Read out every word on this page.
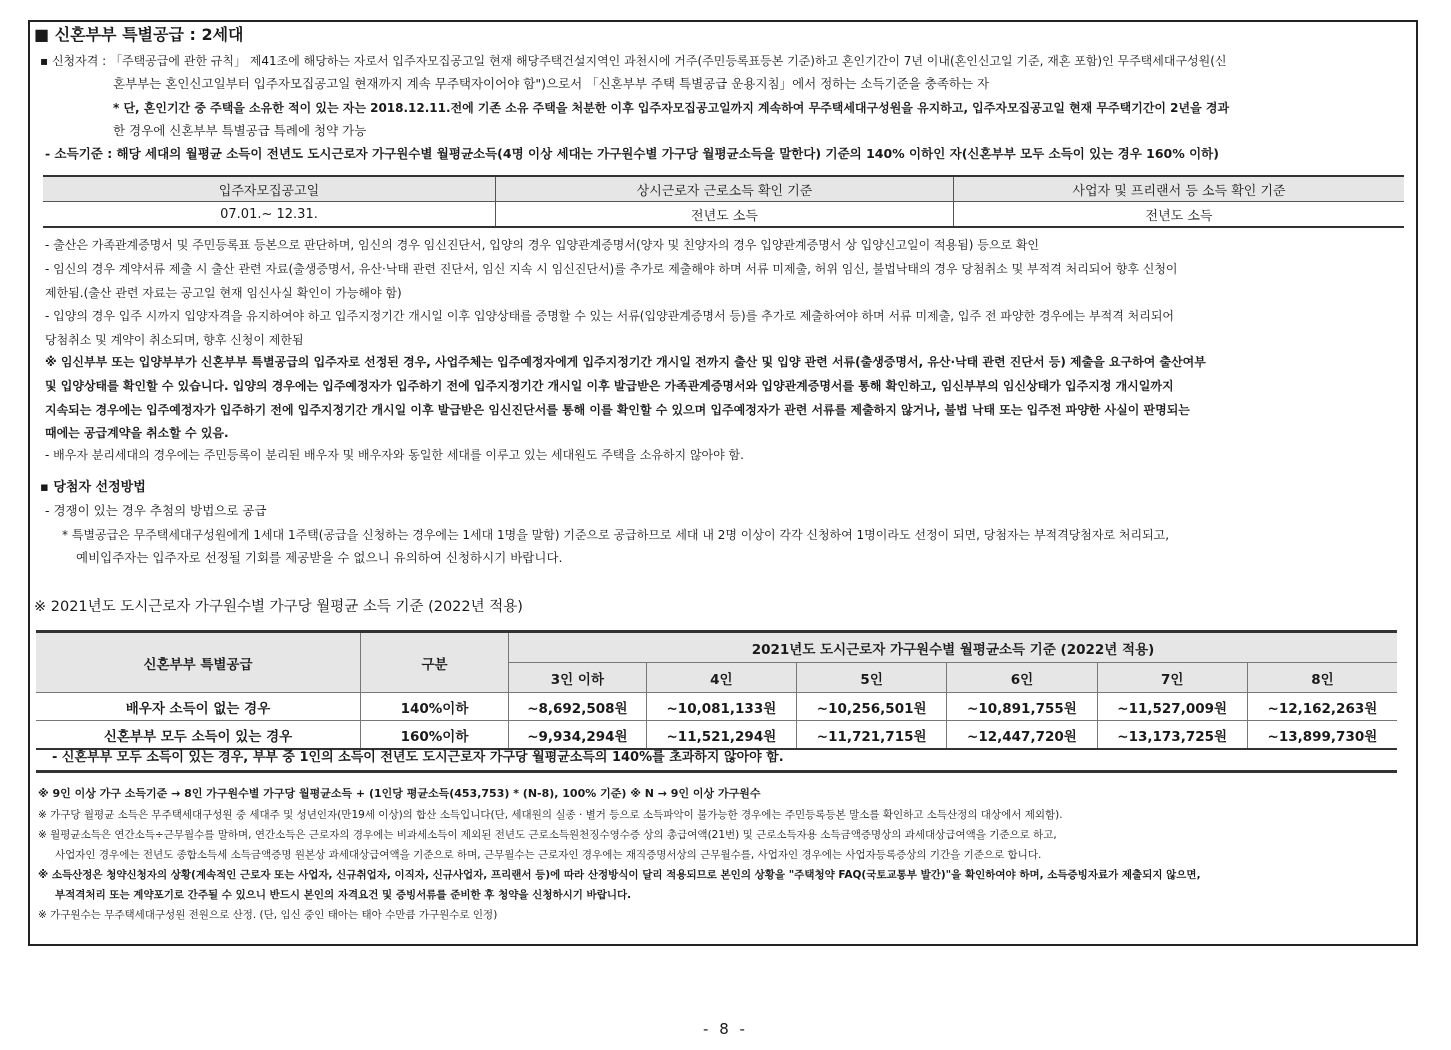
■ 신혼부부 특별공급 : 2세대
▪ 신청자격 : 「주택공급에 관한 규칙」 제41조에 해당하는 자로서 입주자모집공고일 현재 해당주택건설지역인 과천시에 거주(주민등록표등본 기준)하고 혼인기간이 7년 이내(혼인신고일 기준, 재혼 포함)인 무주택세대구성원(신
혼부부는 혼인신고일부터 입주자모집공고일 현재까지 계속 무주택자이어야 함")으로서 「신혼부부 주택 특별공급 운용지침」에서 정하는 소득기준을 충족하는 자
* 단, 혼인기간 중 주택을 소유한 적이 있는 자는 2018.12.11.전에 기존 소유 주택을 처분한 이후 입주자모집공고일까지 계속하여 무주택세대구성원을 유지하고, 입주자모집공고일 현재 무주택기간이 2년을 경과
한 경우에 신혼부부 특별공급 특례에 청약 가능
- 소득기준 : 해당 세대의 월평균 소득이 전년도 도시근로자 가구원수별 월평균소득(4명 이상 세대는 가구원수별 가구당 월평균소득을 말한다) 기준의 140% 이하인 자(신혼부부 모두 소득이 있는 경우 160% 이하)
입주자모집공고일	상시근로자 근로소득 확인 기준	사업자 및 프리랜서 등 소득 확인 기준
07.01.~ 12.31.	전년도 소득	전년도 소득
- 출산은 가족관계증명서 및 주민등록표 등본으로 판단하며, 임신의 경우 임신진단서, 입양의 경우 입양관계증명서(양자 및 친양자의 경우 입양관계증명서 상 입양신고일이 적용됨) 등으로 확인
- 임신의 경우 계약서류 제출 시 출산 관련 자료(출생증명서, 유산·낙태 관련 진단서, 임신 지속 시 임신진단서)를 추가로 제출해야 하며 서류 미제출, 허위 임신, 불법낙태의 경우 당첨취소 및 부적격 처리되어 향후 신청이
제한됨.(출산 관련 자료는 공고일 현재 임신사실 확인이 가능해야 함)
- 입양의 경우 입주 시까지 입양자격을 유지하여야 하고 입주지정기간 개시일 이후 입양상태를 증명할 수 있는 서류(입양관계증명서 등)를 추가로 제출하여야 하며 서류 미제출, 입주 전 파양한 경우에는 부적격 처리되어
당첨취소 및 계약이 취소되며, 향후 신청이 제한됨
※ 임신부부 또는 입양부부가 신혼부부 특별공급의 입주자로 선정된 경우, 사업주체는 입주예정자에게 입주지정기간 개시일 전까지 출산 및 입양 관련 서류(출생증명서, 유산·낙태 관련 진단서 등) 제출을 요구하여 출산여부
및 입양상태를 확인할 수 있습니다. 입양의 경우에는 입주예정자가 입주하기 전에 입주지정기간 개시일 이후 발급받은 가족관계증명서와 입양관계증명서를 통해 확인하고, 임신부부의 임신상태가 입주지정 개시일까지
지속되는 경우에는 입주예정자가 입주하기 전에 입주지정기간 개시일 이후 발급받은 임신진단서를 통해 이를 확인할 수 있으며 입주예정자가 관련 서류를 제출하지 않거나, 불법 낙태 또는 입주전 파양한 사실이 판명되는
때에는 공급계약을 취소할 수 있음.
- 배우자 분리세대의 경우에는 주민등록이 분리된 배우자 및 배우자와 동일한 세대를 이루고 있는 세대원도 주택을 소유하지 않아야 함.
▪ 당첨자 선정방법
- 경쟁이 있는 경우 추첨의 방법으로 공급
* 특별공급은 무주택세대구성원에게 1세대 1주택(공급을 신청하는 경우에는 1세대 1명을 말함) 기준으로 공급하므로 세대 내 2명 이상이 각각 신청하여 1명이라도 선정이 되면, 당첨자는 부적격당첨자로 처리되고,
예비입주자는 입주자로 선정될 기회를 제공받을 수 없으니 유의하여 신청하시기 바랍니다.
※ 2021년도 도시근로자 가구원수별 가구당 월평균 소득 기준 (2022년 적용)
신혼부부 특별공급	구분	2021년도 도시근로자 가구원수별 월평균소득 기준 (2022년 적용)					
		3인 이하	4인	5인	6인	7인	8인
배우자 소득이 없는 경우	140%이하	~8,692,508원	~10,081,133원	~10,256,501원	~10,891,755원	~11,527,009원	~12,162,263원
신혼부부 모두 소득이 있는 경우	160%이하	~9,934,294원	~11,521,294원	~11,721,715원	~12,447,720원	~13,173,725원	~13,899,730원
- 신혼부부 모두 소득이 있는 경우, 부부 중 1인의 소득이 전년도 도시근로자 가구당 월평균소득의 140%를 초과하지 않아야 함.
※ 9인 이상 가구 소득기준 → 8인 가구원수별 가구당 월평균소득 + (1인당 평균소득(453,753) * (N-8), 100% 기준) ※ N → 9인 이상 가구원수
※ 가구당 월평균 소득은 무주택세대구성원 중 세대주 및 성년인자(만19세 이상)의 합산 소득입니다(단, 세대원의 실종 · 별거 등으로 소득파악이 불가능한 경우에는 주민등록등본 말소를 확인하고 소득산정의 대상에서 제외함).
※ 월평균소득은 연간소득÷근무월수를 말하며, 연간소득은 근로자의 경우에는 비과세소득이 제외된 전년도 근로소득원천징수영수증 상의 총급여액(21번) 및 근로소득자용 소득금액증명상의 과세대상급여액을 기준으로 하고,
사업자인 경우에는 전년도 종합소득세 소득금액증명 원본상 과세대상급여액을 기준으로 하며, 근무월수는 근로자인 경우에는 재직증명서상의 근무월수를, 사업자인 경우에는 사업자등록증상의 기간을 기준으로 합니다.
※ 소득산정은 청약신청자의 상황(계속적인 근로자 또는 사업자, 신규취업자, 이직자, 신규사업자, 프리랜서 등)에 따라 산정방식이 달리 적용되므로 본인의 상황을 "주택청약 FAQ(국토교통부 발간)"을 확인하여야 하며, 소득증빙자료가 제출되지 않으면,
부적격처리 또는 계약포기로 간주될 수 있으니 반드시 본인의 자격요건 및 증빙서류를 준비한 후 청약을 신청하시기 바랍니다.
※ 가구원수는 무주택세대구성원 전원으로 산정. (단, 임신 중인 태아는 태아 수만큼 가구원수로 인정)
- 8 -
